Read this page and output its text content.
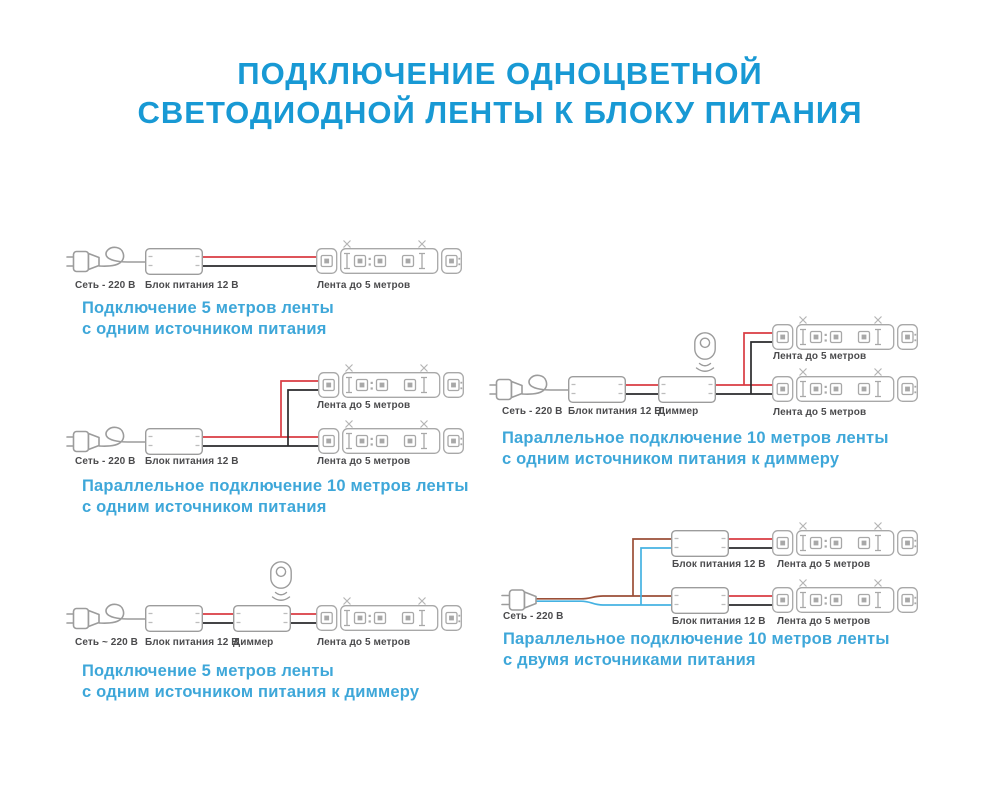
ПОДКЛЮЧЕНИЕ ОДНОЦВЕТНОЙ
СВЕТОДИОДНОЙ ЛЕНТЫ К БЛОКУ ПИТАНИЯ
Сеть - 220 В Блок питания 12 В	Лента до 5 метров
Подключение 5 метров ленты
с одним источником питания
Лента до 5 метров
Сеть - 220 В Блок питания 12 В	Лента до 5 метров
Параллельное подключение 10 метров ленты
с одним источником питания
Сеть ~ 220 В Блок питания 12 В
Диммер	Лента до 5 метров
Подключение 5 метров ленты
с одним источником питания к диммеру
Лента до 5 метров
Сеть - 220 В Блок питания 12 В
Диммер	Лента до 5 метров
Параллельное подключение 10 метров ленты
с одним источником питания к диммеру
Блок питания 12 В Лента до 5 метров
Сеть - 220 В	Блок питания 12 В Лента до 5 метров
Параллельное подключение 10 метров ленты
с двумя источниками питания
